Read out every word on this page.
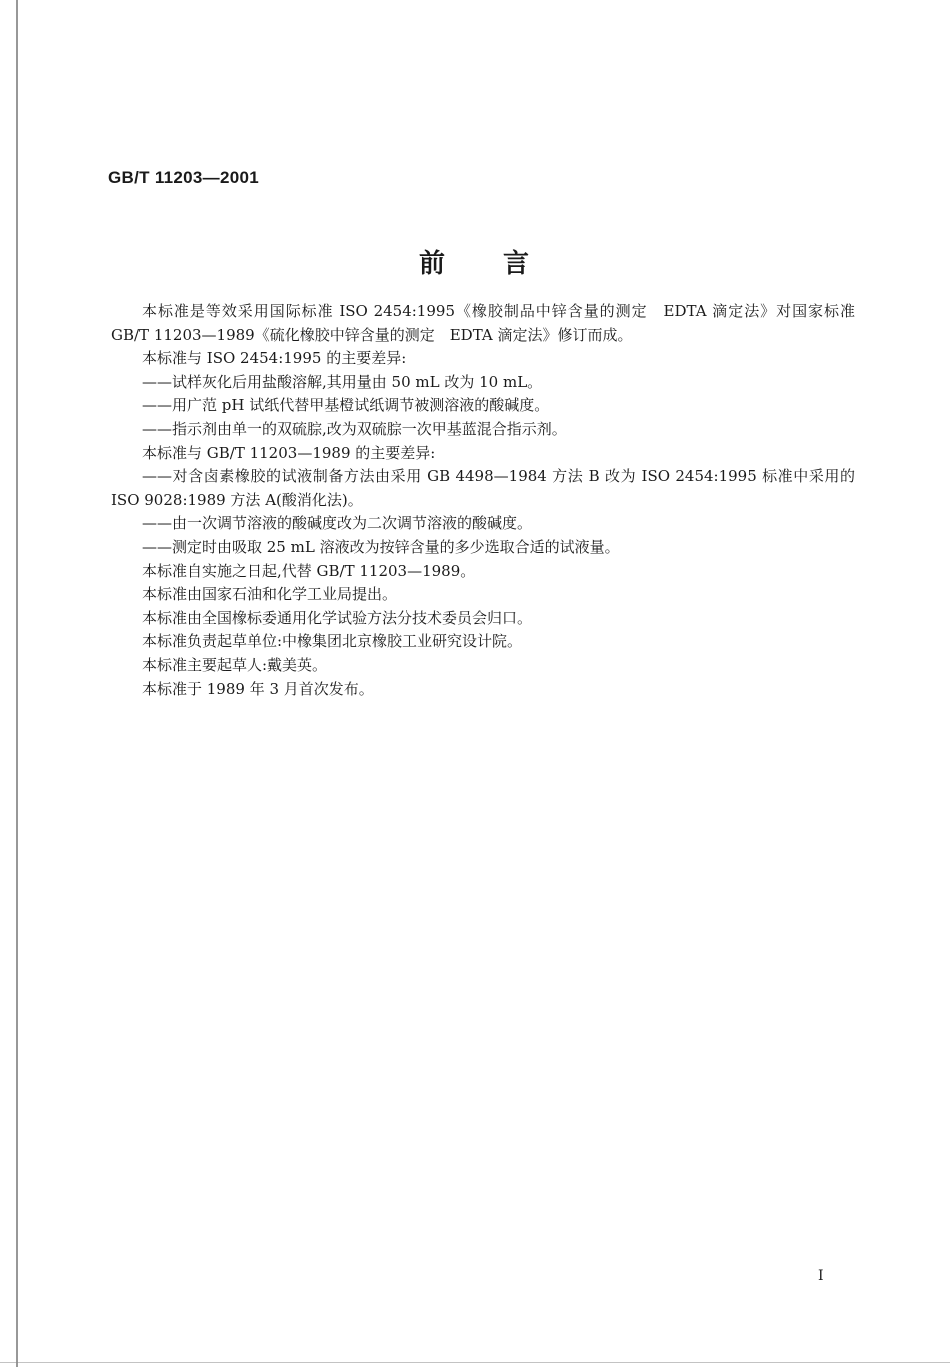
GB/T 11203—2001
前 言

本标准是等效采用国际标准 ISO 2454:1995《橡胶制品中锌含量的测定　EDTA 滴定法》对国家标准 GB/T 11203—1989《硫化橡胶中锌含量的测定　EDTA 滴定法》修订而成。

本标准与 ISO 2454:1995 的主要差异:

——试样灰化后用盐酸溶解,其用量由 50 mL 改为 10 mL。

——用广范 pH 试纸代替甲基橙试纸调节被测溶液的酸碱度。

——指示剂由单一的双硫腙,改为双硫腙一次甲基蓝混合指示剂。

本标准与 GB/T 11203—1989 的主要差异:

——对含卤素橡胶的试液制备方法由采用 GB 4498—1984 方法 B 改为 ISO 2454:1995 标准中采用的 ISO 9028:1989 方法 A(酸消化法)。

——由一次调节溶液的酸碱度改为二次调节溶液的酸碱度。

——测定时由吸取 25 mL 溶液改为按锌含量的多少选取合适的试液量。

本标准自实施之日起,代替 GB/T 11203—1989。

本标准由国家石油和化学工业局提出。

本标准由全国橡标委通用化学试验方法分技术委员会归口。

本标准负责起草单位:中橡集团北京橡胶工业研究设计院。

本标准主要起草人:戴美英。

本标准于 1989 年 3 月首次发布。

I
